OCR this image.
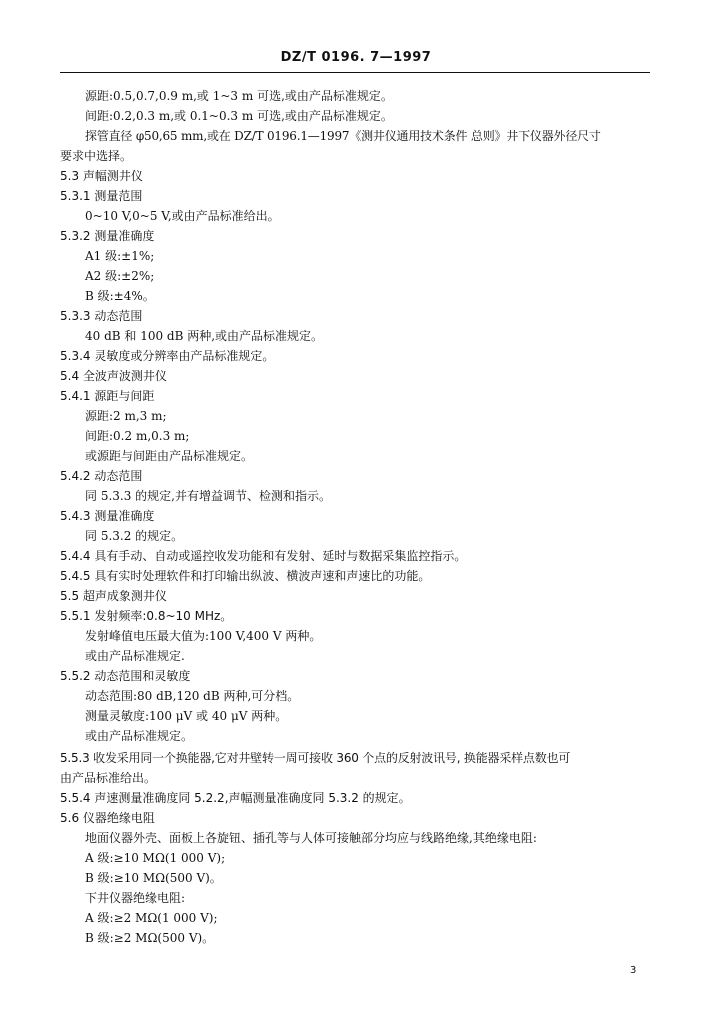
DZ/T 0196. 7—1997
源距:0.5,0.7,0.9 m,或 1~3 m 可选,或由产品标准规定。
间距:0.2,0.3 m,或 0.1~0.3 m 可选,或由产品标准规定。
探管直径 φ50,65 mm,或在 DZ/T 0196.1—1997《测井仪通用技术条件 总则》井下仪器外径尺寸
要求中选择。
5.3 声幅测井仪
5.3.1 测量范围
0~10 V,0~5 V,或由产品标准给出。
5.3.2 测量准确度
A1 级:±1%;
A2 级:±2%;
B 级:±4%。
5.3.3 动态范围
40 dB 和 100 dB 两种,或由产品标准规定。
5.3.4 灵敏度或分辨率由产品标准规定。
5.4 全波声波测井仪
5.4.1 源距与间距
源距:2 m,3 m;
间距:0.2 m,0.3 m;
或源距与间距由产品标准规定。
5.4.2 动态范围
同 5.3.3 的规定,并有增益调节、检测和指示。
5.4.3 测量准确度
同 5.3.2 的规定。
5.4.4 具有手动、自动或遥控收发功能和有发射、延时与数据采集监控指示。
5.4.5 具有实时处理软件和打印输出纵波、横波声速和声速比的功能。
5.5 超声成象测井仪
5.5.1 发射频率:0.8~10 MHz。
发射峰值电压最大值为:100 V,400 V 两种。
或由产品标准规定.
5.5.2 动态范围和灵敏度
动态范围:80 dB,120 dB 两种,可分档。
测量灵敏度:100 μV 或 40 μV 两种。
或由产品标准规定。
5.5.3 收发采用同一个换能器,它对井壁转一周可接收 360 个点的反射波讯号, 换能器采样点数也可
由产品标准给出。
5.5.4 声速测量准确度同 5.2.2,声幅测量准确度同 5.3.2 的规定。
5.6 仪器绝缘电阻
地面仪器外壳、面板上各旋钮、插孔等与人体可接触部分均应与线路绝缘,其绝缘电阻:
A 级:≥10 MΩ(1 000 V);
B 级:≥10 MΩ(500 V)。
下井仪器绝缘电阻:
A 级:≥2 MΩ(1 000 V);
B 级:≥2 MΩ(500 V)。
3
